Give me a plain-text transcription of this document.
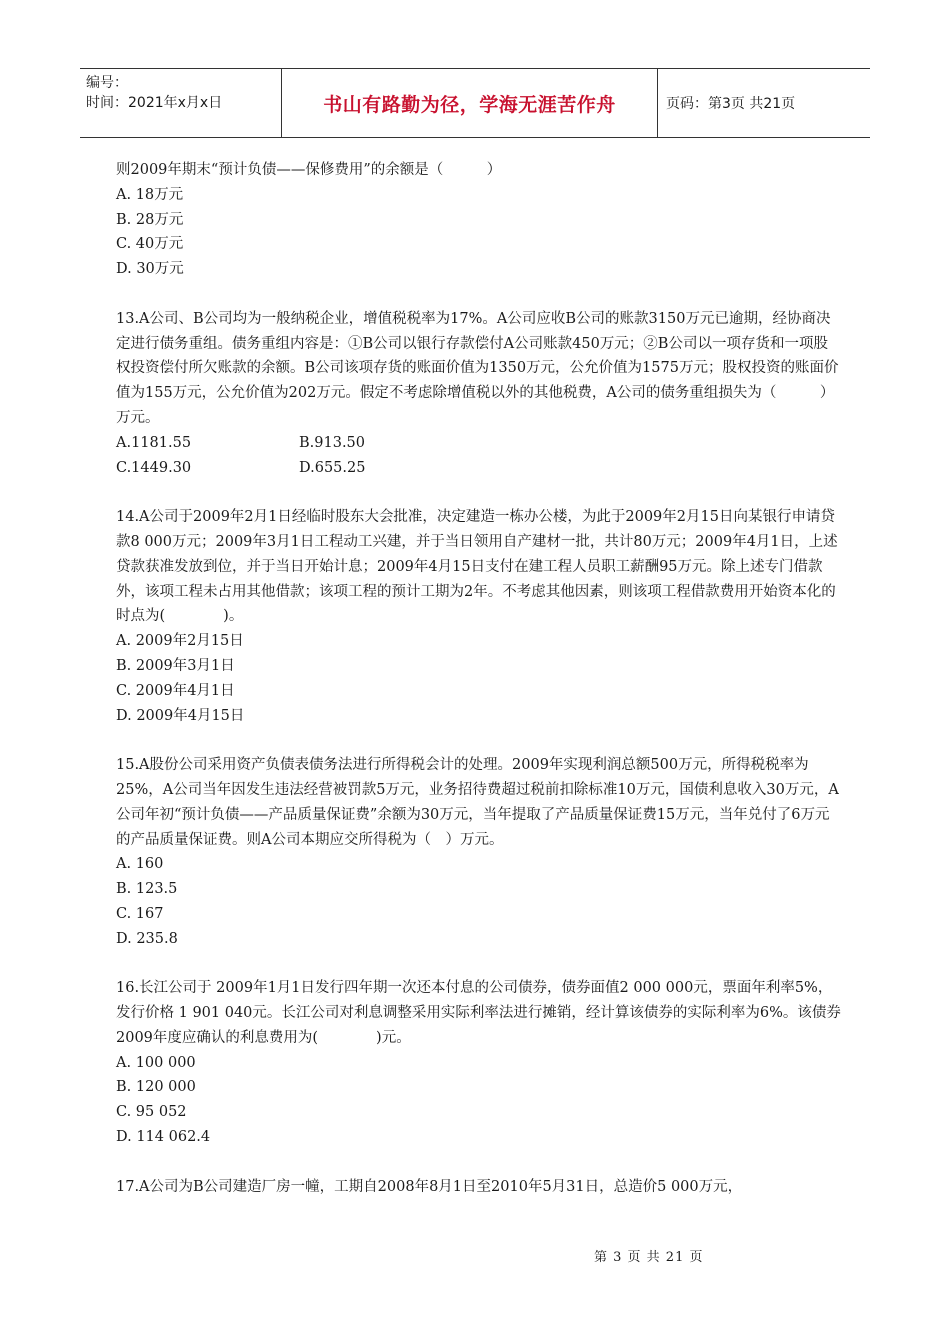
编号：
时间：2021年x月x日	书山有路勤为径，学海无涯苦作舟	页码：第3页 共21页

则2009年期末“预计负债——保修费用”的余额是（　　　）

A. 18万元

B. 28万元

C. 40万元

D. 30万元

13.A公司、B公司均为一般纳税企业，增值税税率为17%。A公司应收B公司的账款3150万元已逾期，经协商决定进行债务重组。债务重组内容是：①B公司以银行存款偿付A公司账款450万元；②B公司以一项存货和一项股权投资偿付所欠账款的余额。B公司该项存货的账面价值为1350万元，公允价值为1575万元；股权投资的账面价值为155万元，公允价值为202万元。假定不考虑除增值税以外的其他税费，A公司的债务重组损失为（　　　）万元。

A.1181.55	B.913.50
C.1449.30	D.655.25

14.A公司于2009年2月1日经临时股东大会批准，决定建造一栋办公楼，为此于2009年2月15日向某银行申请贷款8 000万元；2009年3月1日工程动工兴建，并于当日领用自产建材一批，共计80万元；2009年4月1日，上述贷款获准发放到位，并于当日开始计息；2009年4月15日支付在建工程人员职工薪酬95万元。除上述专门借款外，该项工程未占用其他借款；该项工程的预计工期为2年。不考虑其他因素，则该项工程借款费用开始资本化的时点为(　　　　)。

A. 2009年2月15日

B. 2009年3月1日

C. 2009年4月1日

D. 2009年4月15日

15.A股份公司采用资产负债表债务法进行所得税会计的处理。2009年实现利润总额500万元，所得税税率为25%，A公司当年因发生违法经营被罚款5万元，业务招待费超过税前扣除标准10万元，国债利息收入30万元，A公司年初“预计负债——产品质量保证费”余额为30万元，当年提取了产品质量保证费15万元，当年兑付了6万元的产品质量保证费。则A公司本期应交所得税为（　）万元。

A. 160

B. 123.5

C. 167

D. 235.8

16.长江公司于 2009年1月1日发行四年期一次还本付息的公司债券，债券面值2 000 000元，票面年利率5%，发行价格 1 901 040元。长江公司对利息调整采用实际利率法进行摊销，经计算该债券的实际利率为6%。该债券2009年度应确认的利息费用为(　　　　)元。

A. 100 000

B. 120 000

C. 95 052

D. 114 062.4

17.A公司为B公司建造厂房一幢，工期自2008年8月1日至2010年5月31日，总造价5 000万元，

第 3 页 共 21 页
